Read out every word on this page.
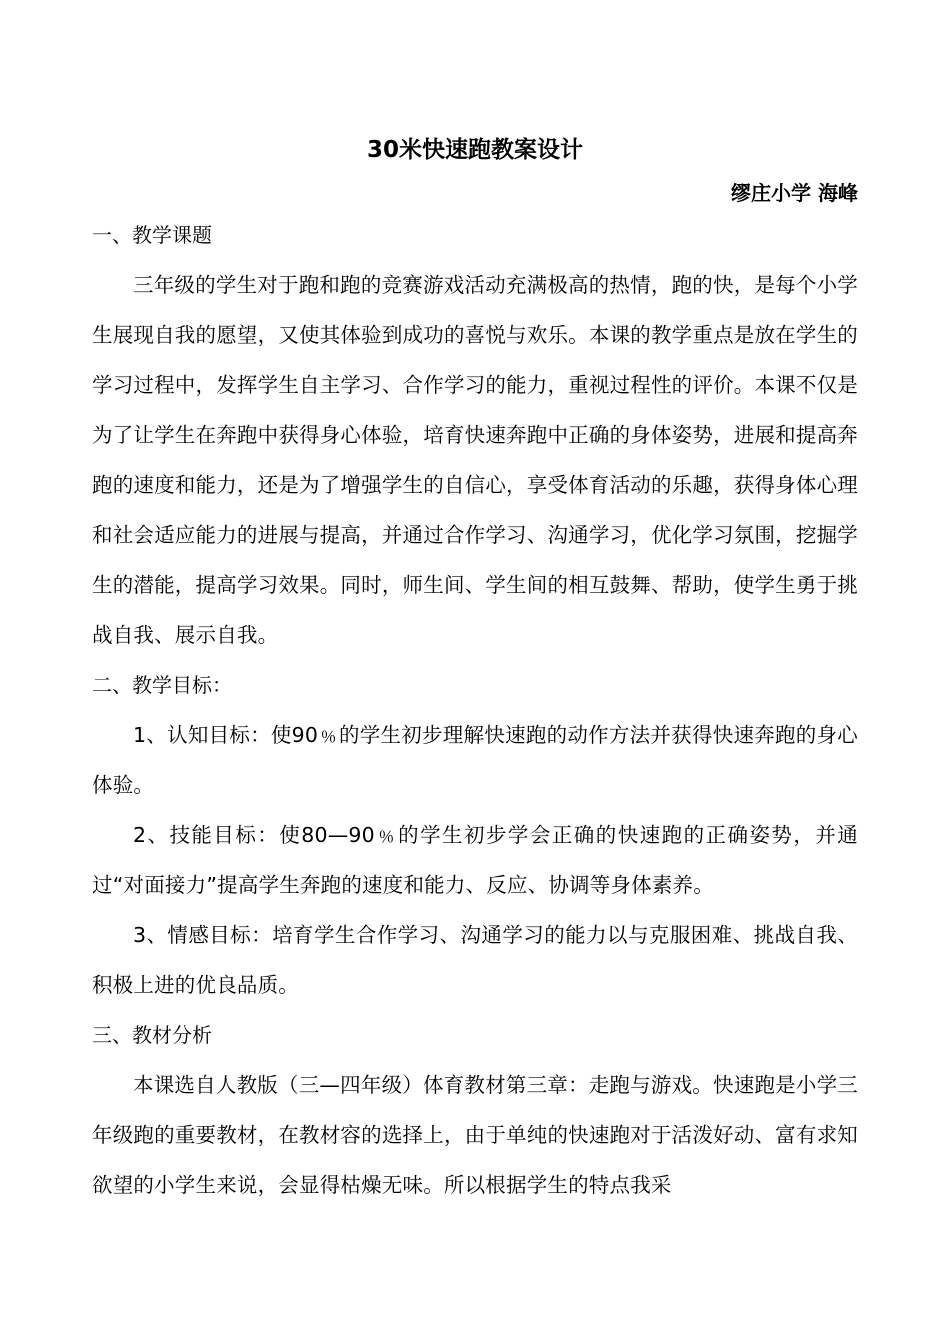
30米快速跑教案设计
缪庄小学 海峰
一、教学课题

三年级的学生对于跑和跑的竞赛游戏活动充满极高的热情，跑的快，是每个小学生展现自我的愿望，又使其体验到成功的喜悦与欢乐。本课的教学重点是放在学生的学习过程中，发挥学生自主学习、合作学习的能力，重视过程性的评价。本课不仅是为了让学生在奔跑中获得身心体验，培育快速奔跑中正确的身体姿势，进展和提高奔跑的速度和能力，还是为了增强学生的自信心，享受体育活动的乐趣，获得身体心理和社会适应能力的进展与提高，并通过合作学习、沟通学习，优化学习氛围，挖掘学生的潜能，提高学习效果。同时，师生间、学生间的相互鼓舞、帮助，使学生勇于挑战自我、展示自我。

二、教学目标：

1、认知目标：使90﹪的学生初步理解快速跑的动作方法并获得快速奔跑的身心体验。

2、技能目标：使80—90﹪的学生初步学会正确的快速跑的正确姿势，并通过“对面接力”提高学生奔跑的速度和能力、反应、协调等身体素养。

3、情感目标：培育学生合作学习、沟通学习的能力以与克服困难、挑战自我、积极上进的优良品质。

三、教材分析

本课选自人教版（三—四年级）体育教材第三章：走跑与游戏。快速跑是小学三年级跑的重要教材，在教材容的选择上，由于单纯的快速跑对于活泼好动、富有求知欲望的小学生来说，会显得枯燥无味。所以根据学生的特点我采
